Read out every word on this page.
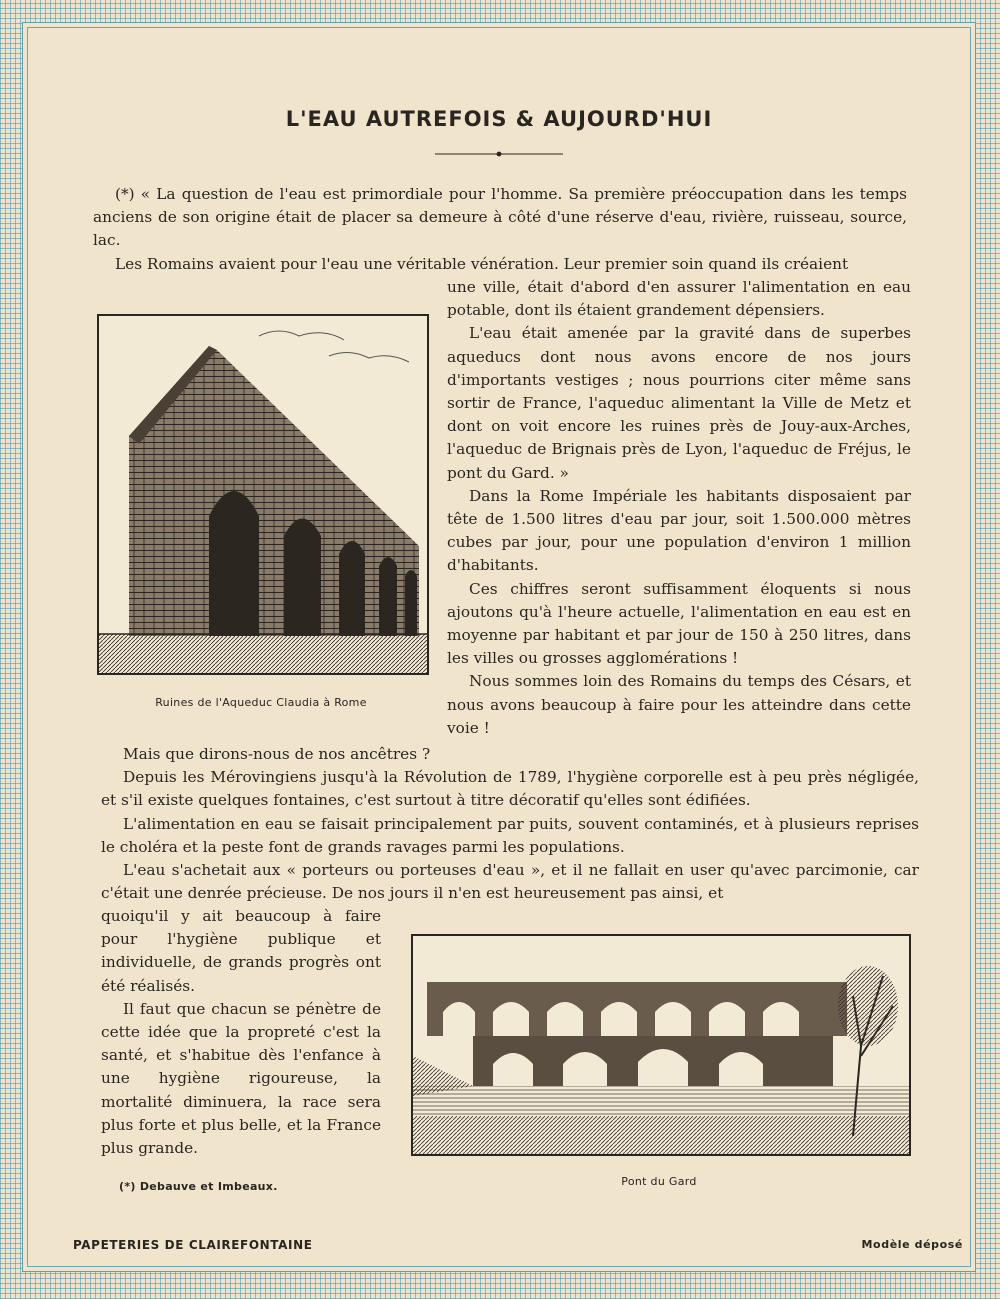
L'EAU AUTREFOIS & AUJOURD'HUI

(*) « La question de l'eau est primordiale pour l'homme. Sa première préoccupation dans les temps anciens de son origine était de placer sa demeure à côté d'une réserve d'eau, rivière, ruisseau, source, lac.

Les Romains avaient pour l'eau une véritable vénération. Leur premier soin quand ils créaient

une ville, était d'abord d'en assurer l'alimentation en eau potable, dont ils étaient grandement dépensiers.

L'eau était amenée par la gravité dans de superbes aqueducs dont nous avons encore de nos jours d'importants vestiges ; nous pourrions citer même sans sortir de France, l'aqueduc alimentant la Ville de Metz et dont on voit encore les ruines près de Jouy-aux-Arches, l'aqueduc de Brignais près de Lyon, l'aqueduc de Fréjus, le pont du Gard. »

Dans la Rome Impériale les habitants disposaient par tête de 1.500 litres d'eau par jour, soit 1.500.000 mètres cubes par jour, pour une population d'environ 1 million d'habitants.

Ces chiffres seront suffisamment éloquents si nous ajoutons qu'à l'heure actuelle, l'alimentation en eau est en moyenne par habitant et par jour de 150 à 250 litres, dans les villes ou grosses agglomérations !

Nous sommes loin des Romains du temps des Césars, et nous avons beaucoup à faire pour les atteindre dans cette voie !

Ruines de l'Aqueduc Claudia à Rome

Mais que dirons-nous de nos ancêtres ?

Depuis les Mérovingiens jusqu'à la Révolution de 1789, l'hygiène corporelle est à peu près négligée, et s'il existe quelques fontaines, c'est surtout à titre décoratif qu'elles sont édifiées.

L'alimentation en eau se faisait principalement par puits, souvent contaminés, et à plusieurs reprises le choléra et la peste font de grands ravages parmi les populations.

L'eau s'achetait aux « porteurs ou porteuses d'eau », et il ne fallait en user qu'avec parcimonie, car c'était une denrée précieuse. De nos jours il n'en est heureusement pas ainsi, et

quoiqu'il y ait beaucoup à faire pour l'hygiène publique et individuelle, de grands progrès ont été réalisés.

Il faut que chacun se pénètre de cette idée que la propreté c'est la santé, et s'habitue dès l'enfance à une hygiène rigoureuse, la mortalité diminuera, la race sera plus forte et plus belle, et la France plus grande.

Pont du Gard
(*) Debauve et Imbeaux.
PAPETERIES DE CLAIREFONTAINE	Modèle déposé
